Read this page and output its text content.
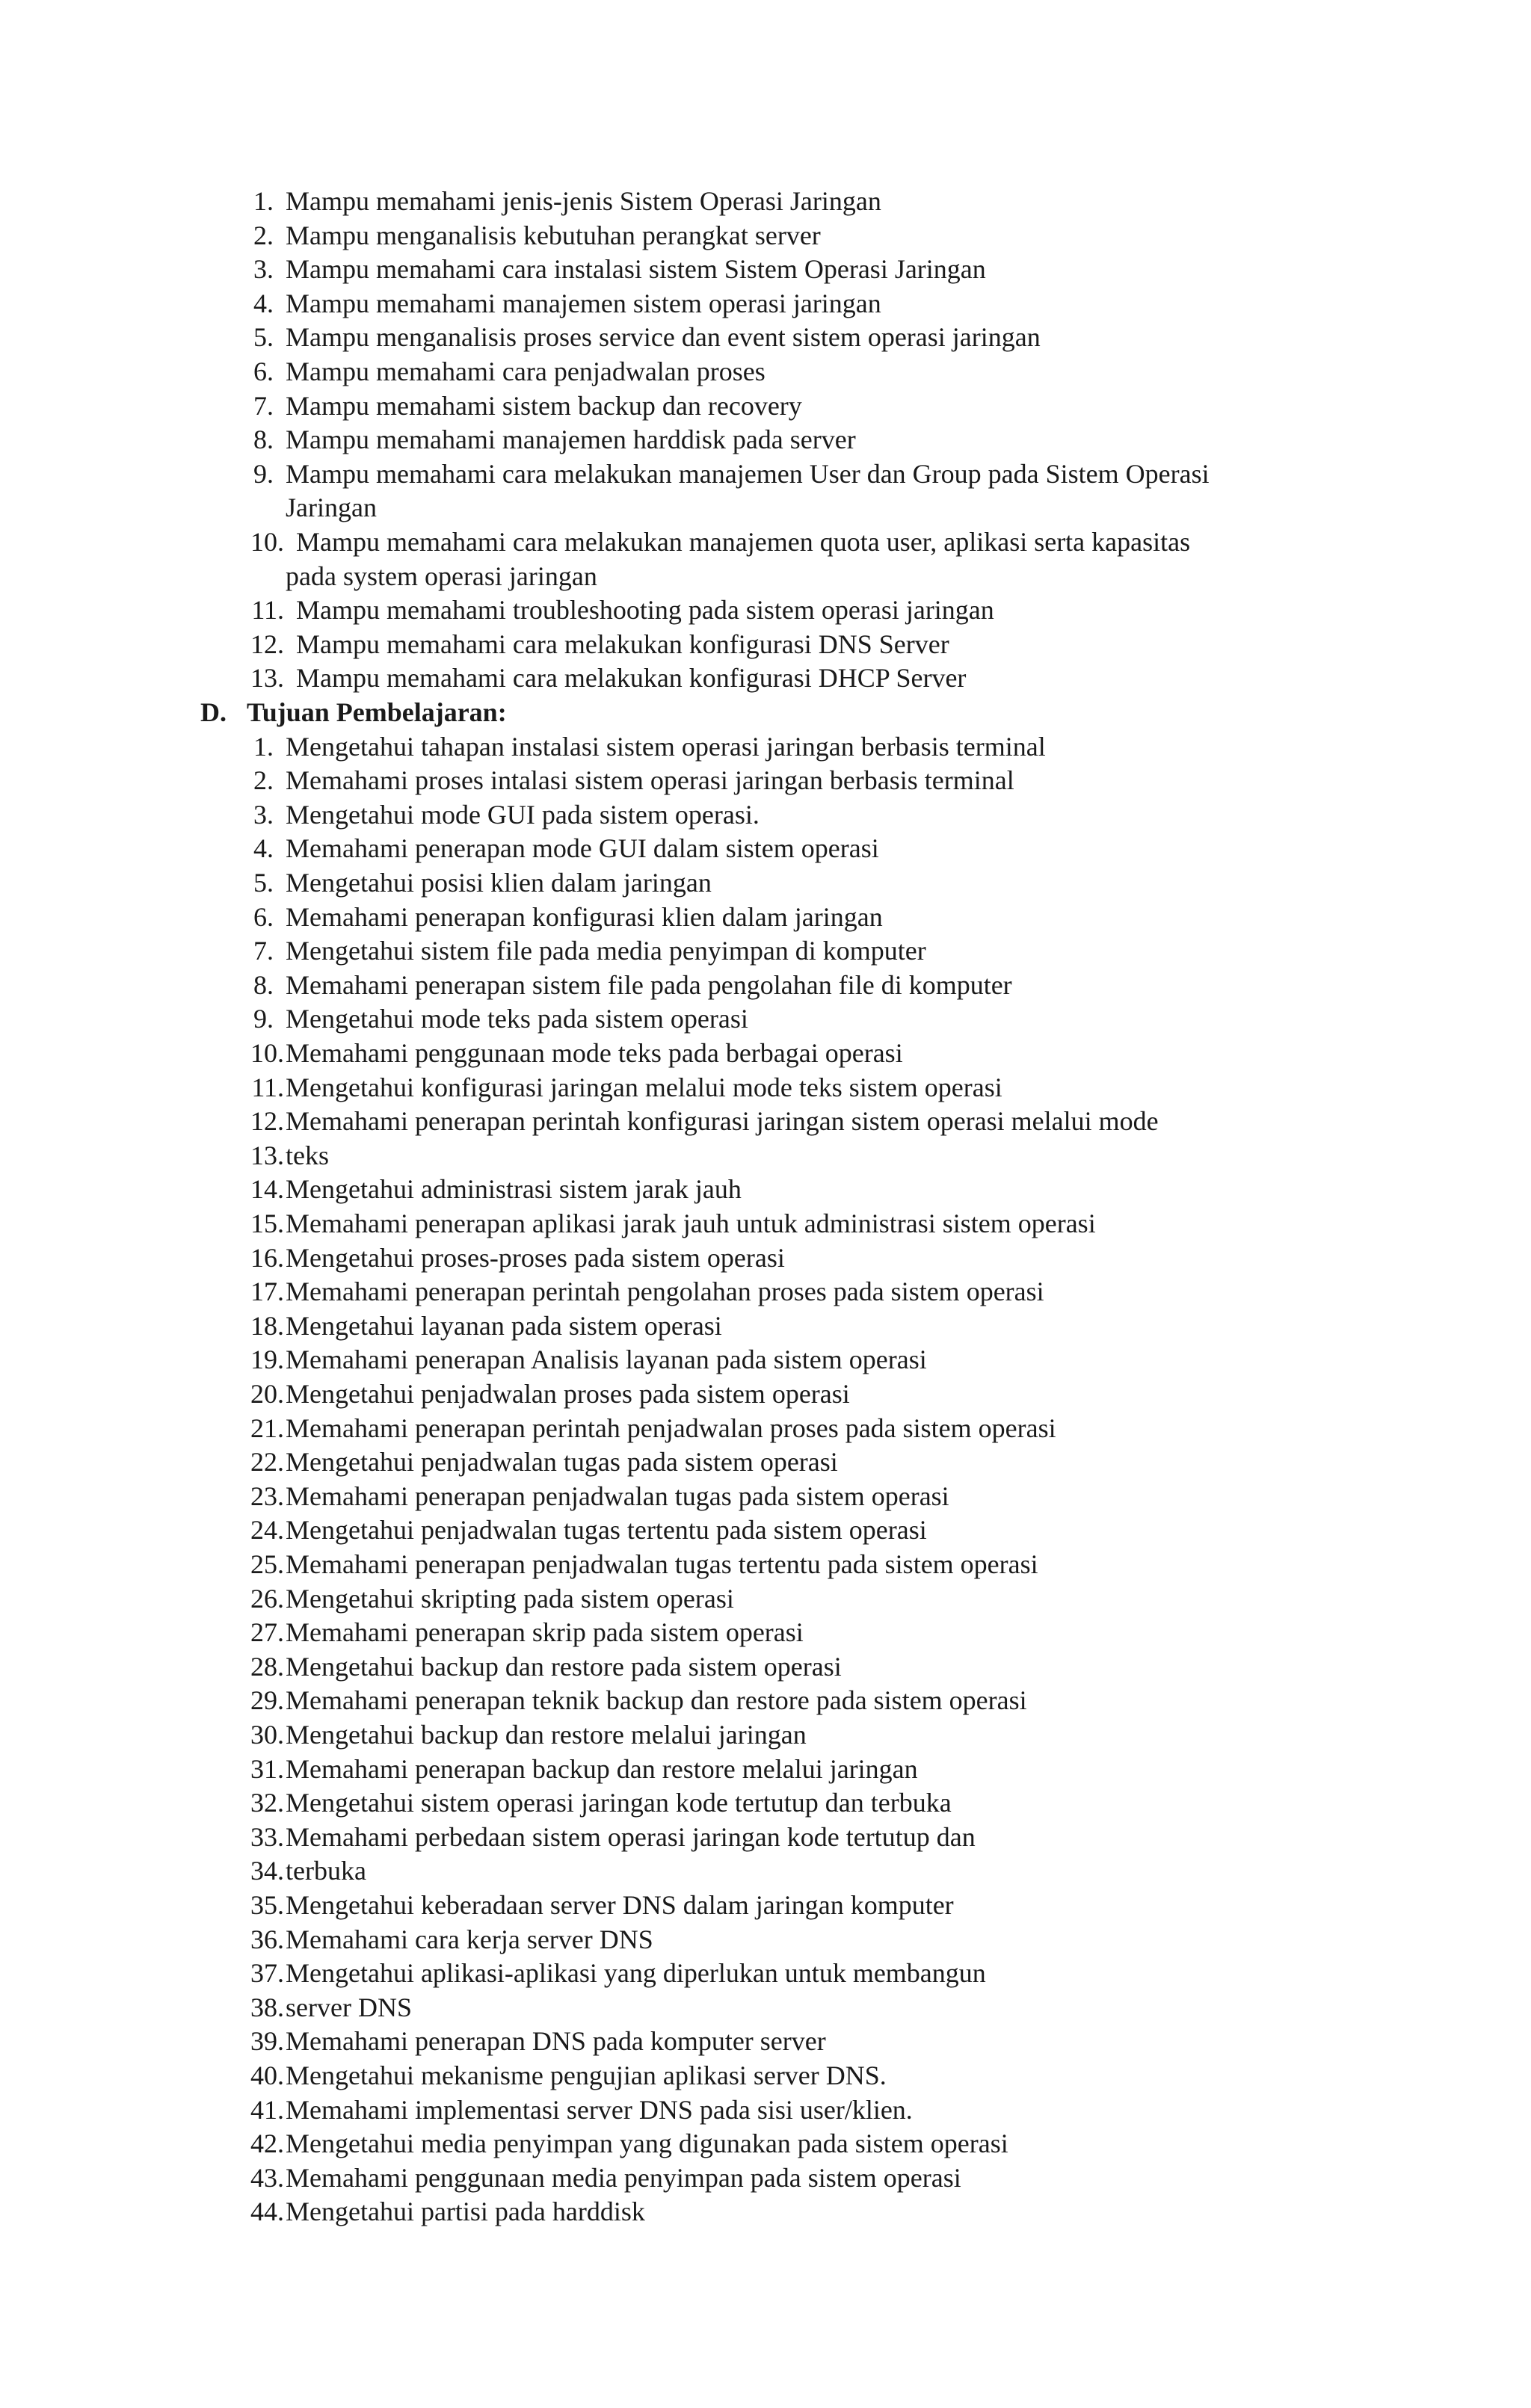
1. Mampu memahami jenis-jenis Sistem Operasi Jaringan
2. Mampu menganalisis kebutuhan perangkat server
3. Mampu memahami cara instalasi sistem Sistem Operasi Jaringan
4. Mampu memahami manajemen sistem operasi jaringan
5. Mampu menganalisis proses service dan event sistem operasi jaringan
6. Mampu memahami cara penjadwalan proses
7. Mampu memahami sistem backup dan recovery
8. Mampu memahami manajemen harddisk pada server
9. Mampu memahami cara melakukan manajemen User dan Group pada Sistem Operasi
Jaringan
10. Mampu memahami cara melakukan manajemen quota user, aplikasi serta kapasitas
pada system operasi jaringan
11. Mampu memahami troubleshooting pada sistem operasi jaringan
12. Mampu memahami cara melakukan konfigurasi DNS Server
13. Mampu memahami cara melakukan konfigurasi DHCP Server
D. Tujuan Pembelajaran:
1. Mengetahui tahapan instalasi sistem operasi jaringan berbasis terminal
2. Memahami proses intalasi sistem operasi jaringan berbasis terminal
3. Mengetahui mode GUI pada sistem operasi.
4. Memahami penerapan mode GUI dalam sistem operasi
5. Mengetahui posisi klien dalam jaringan
6. Memahami penerapan konfigurasi klien dalam jaringan
7. Mengetahui sistem file pada media penyimpan di komputer
8. Memahami penerapan sistem file pada pengolahan file di komputer
9. Mengetahui mode teks pada sistem operasi
10. Memahami penggunaan mode teks pada berbagai operasi
11. Mengetahui konfigurasi jaringan melalui mode teks sistem operasi
12. Memahami penerapan perintah konfigurasi jaringan sistem operasi melalui mode
13. teks
14. Mengetahui administrasi sistem jarak jauh
15. Memahami penerapan aplikasi jarak jauh untuk administrasi sistem operasi
16. Mengetahui proses-proses pada sistem operasi
17. Memahami penerapan perintah pengolahan proses pada sistem operasi
18. Mengetahui layanan pada sistem operasi
19. Memahami penerapan Analisis layanan pada sistem operasi
20. Mengetahui penjadwalan proses pada sistem operasi
21. Memahami penerapan perintah penjadwalan proses pada sistem operasi
22. Mengetahui penjadwalan tugas pada sistem operasi
23. Memahami penerapan penjadwalan tugas pada sistem operasi
24. Mengetahui penjadwalan tugas tertentu pada sistem operasi
25. Memahami penerapan penjadwalan tugas tertentu pada sistem operasi
26. Mengetahui skripting pada sistem operasi
27. Memahami penerapan skrip pada sistem operasi
28. Mengetahui backup dan restore pada sistem operasi
29. Memahami penerapan teknik backup dan restore pada sistem operasi
30. Mengetahui backup dan restore melalui jaringan
31. Memahami penerapan backup dan restore melalui jaringan
32. Mengetahui sistem operasi jaringan kode tertutup dan terbuka
33. Memahami perbedaan sistem operasi jaringan kode tertutup dan
34. terbuka
35. Mengetahui keberadaan server DNS dalam jaringan komputer
36. Memahami cara kerja server DNS
37. Mengetahui aplikasi-aplikasi yang diperlukan untuk membangun
38. server DNS
39. Memahami penerapan DNS pada komputer server
40. Mengetahui mekanisme pengujian aplikasi server DNS.
41. Memahami implementasi server DNS pada sisi user/klien.
42. Mengetahui media penyimpan yang digunakan pada sistem operasi
43. Memahami penggunaan media penyimpan pada sistem operasi
44. Mengetahui partisi pada harddisk
